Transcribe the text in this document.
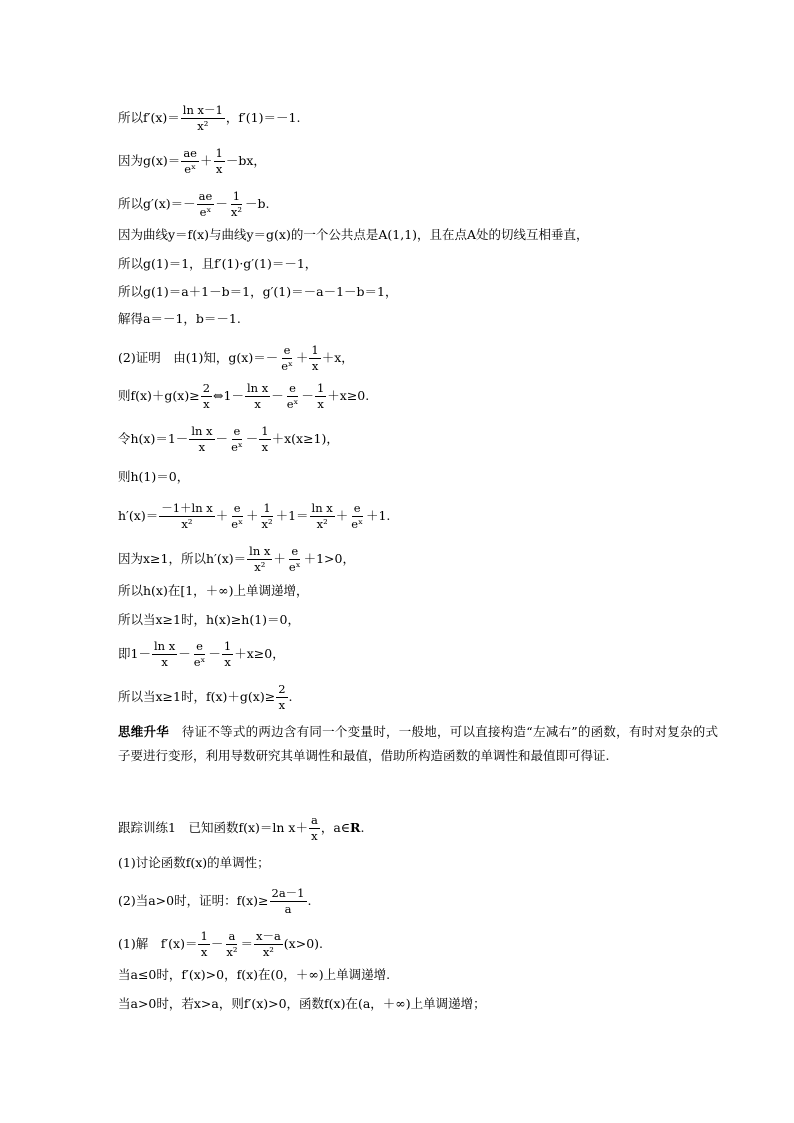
所以$f'(x)= \frac{\text{ln x－1}}{\text{x²}}$ ，f′(1)＝－1.
因为$g(x)= \frac{ae}{\text{eˣ}} + \frac{1}{x} -bx$，
所以$g'(x)=- \frac{ae}{\text{eˣ}} - \frac{1}{\text{x²}} -b$.
因为曲线y＝f(x)与曲线y＝g(x)的一个公共点是A(1,1)，且在点A处的切线互相垂直，
所以g(1)＝1，且f′(1)·g′(1)＝－1，
所以g(1)＝a＋1－b＝1，g′(1)＝－a－1－b＝1，
解得a＝－1，b＝－1.
(2)证明　由(1)知，$g(x)=- \frac{e}{\text{eˣ}} + \frac{1}{x} +x$，
则$f(x)+g(x)\ge \frac{2}{x}$ ⇔1－ $\frac{\text{ln x}}{x} - \frac{e}{\text{eˣ}} - \frac{1}{x} +x\ge 0$.
令$h(x)=1- \frac{\text{ln x}}{x} - \frac{e}{\text{eˣ}} - \frac{1}{x} +x(x\ge 1)$，
则h(1)＝0，
$h'(x)= \frac{\text{－1＋ln x}}{\text{x²}} + \frac{e}{\text{eˣ}} + \frac{1}{\text{x²}} +1= \frac{\text{ln x}}{\text{x²}} + \frac{e}{\text{eˣ}} +1$.
因为x≥1，所以$h'(x)= \frac{\text{ln x}}{\text{x²}} + \frac{e}{\text{eˣ}} +1>0$，
所以h(x)在[1，＋∞)上单调递增，
所以当x≥1时，h(x)≥h(1)＝0，
即$1- \frac{\text{ln x}}{x} - \frac{e}{\text{eˣ}} - \frac{1}{x} +x\ge 0$，
所以当x≥1时，$f(x)+g(x)\ge \frac{2}{x}$ .
思维升华　待证不等式的两边含有同一个变量时，一般地，可以直接构造“左减右”的函数，有时对复杂的式子要进行变形，利用导数研究其单调性和最值，借助所构造函数的单调性和最值即可得证.
跟踪训练1　已知函数f(x)＝ln $x+ \frac{a}{x}$ ，a∈ R .
(1)讨论函数f(x)的单调性；
(2)当a>0时，证明：$f(x)\ge \frac{2a-1}{a}$ .
(1)解　$f'(x)= \frac{1}{x} - \frac{a}{\text{x²}} = \frac{x-a}{\text{x²}} (x>0)$.
当a≤0时，f′(x)>0，f(x)在(0，＋∞)上单调递增.
当a>0时，若x>a，则f′(x)>0，函数f(x)在(a，＋∞)上单调递增；
